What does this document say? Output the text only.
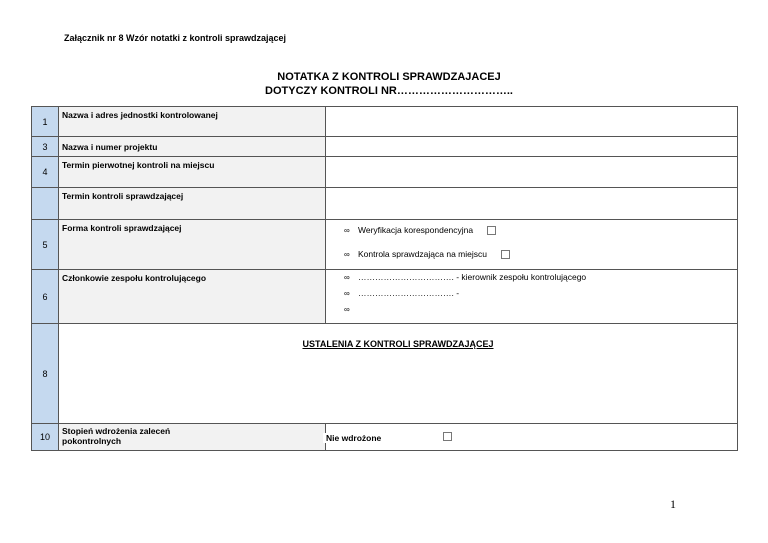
Załącznik nr 8 Wzór notatki z kontroli sprawdzającej
NOTATKA Z KONTROLI SPRAWDZAJACEJ
DOTYCZY KONTROLI NR…………………………..
1	Nazwa i adres jednostki kontrolowanej	
3	Nazwa i numer projektu	
4	Termin pierwotnej kontroli na miejscu	
	Termin kontroli sprawdzającej	
5	Forma kontroli sprawdzającej	∞ Weryfikacja korespondencyjna
∞ Kontrola sprawdzająca na miejscu

6	Członkowie zespołu kontrolującego	∞ ……………………………. - kierownik zespołu kontrolującego
∞ ……………………………. -
∞

8	USTALENIA Z KONTROLI SPRAWDZAJĄCEJ	

10	Stopień wdrożenia zaleceń pokontrolnych	Nie wdrożone
1
